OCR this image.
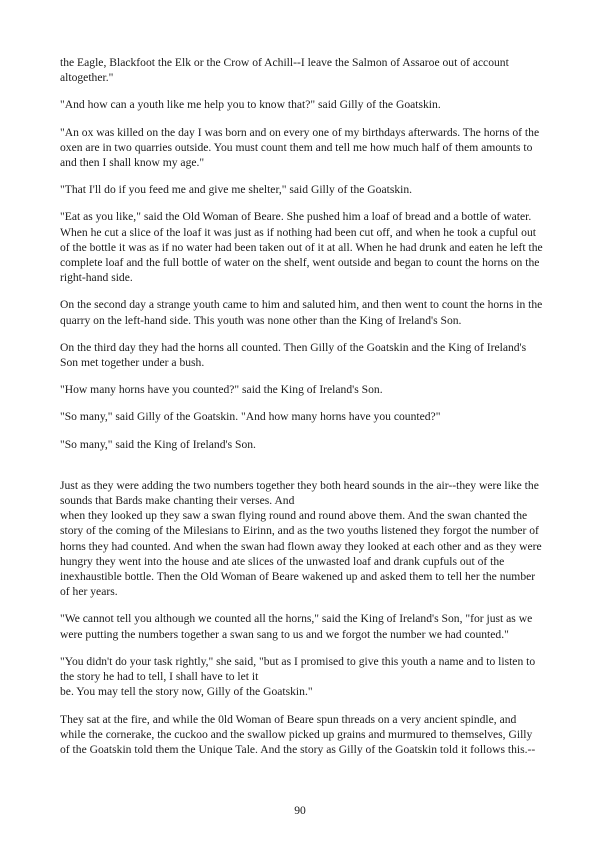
the Eagle, Blackfoot the Elk or the Crow of Achill--I leave the Salmon of Assaroe out of account altogether."

"And how can a youth like me help you to know that?" said Gilly of the Goatskin.

"An ox was killed on the day I was born and on every one of my birthdays afterwards. The horns of the oxen are in two quarries outside. You must count them and tell me how much half of them amounts to and then I shall know my age."

"That I'll do if you feed me and give me shelter," said Gilly of the Goatskin.

"Eat as you like," said the Old Woman of Beare. She pushed him a loaf of bread and a bottle of water. When he cut a slice of the loaf it was just as if nothing had been cut off, and when he took a cupful out of the bottle it was as if no water had been taken out of it at all. When he had drunk and eaten he left the complete loaf and the full bottle of water on the shelf, went outside and began to count the horns on the right-hand side.

On the second day a strange youth came to him and saluted him, and then went to count the horns in the quarry on the left-hand side. This youth was none other than the King of Ireland's Son.

On the third day they had the horns all counted. Then Gilly of the Goatskin and the King of Ireland's Son met together under a bush.

"How many horns have you counted?" said the King of Ireland's Son.

"So many," said Gilly of the Goatskin. "And how many horns have you counted?"

"So many," said the King of Ireland's Son.

Just as they were adding the two numbers together they both heard sounds in the air--they were like the sounds that Bards make chanting their verses. And
when they looked up they saw a swan flying round and round above them. And the swan chanted the story of the coming of the Milesians to Eirinn, and as the two youths listened they forgot the number of horns they had counted. And when the swan had flown away they looked at each other and as they were hungry they went into the house and ate slices of the unwasted loaf and drank cupfuls out of the inexhaustible bottle. Then the Old Woman of Beare wakened up and asked them to tell her the number of her years.

"We cannot tell you although we counted all the horns," said the King of Ireland's Son, "for just as we were putting the numbers together a swan sang to us and we forgot the number we had counted."

"You didn't do your task rightly," she said, "but as I promised to give this youth a name and to listen to the story he had to tell, I shall have to let it
be. You may tell the story now, Gilly of the Goatskin."

They sat at the fire, and while the 0ld Woman of Beare spun threads on a very ancient spindle, and while the cornerake, the cuckoo and the swallow picked up grains and murmured to themselves, Gilly of the Goatskin told them the Unique Tale. And the story as Gilly of the Goatskin told it follows this.--

90
